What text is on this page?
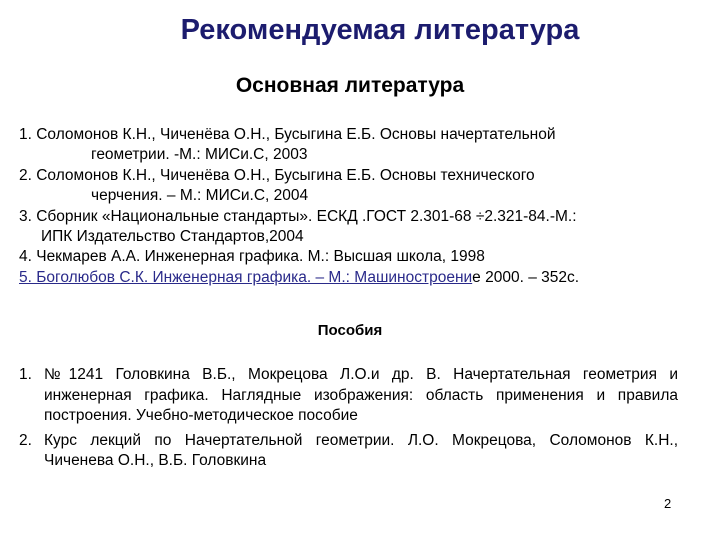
Рекомендуемая литература
Основная литература
1. Соломонов К.Н., Чиченёва О.Н., Бусыгина Е.Б. Основы начертательной
геометрии. -М.: МИСи.С, 2003
2. Соломонов К.Н., Чиченёва О.Н., Бусыгина Е.Б. Основы технического
черчения. – М.: МИСи.С, 2004
3. Сборник «Национальные стандарты». ЕСКД .ГОСТ 2.301-68 ÷2.321-84.-М.:
ИПК Издательство Стандартов,2004
4. Чекмарев А.А. Инженерная графика. М.: Высшая школа, 1998
5. Боголюбов С.К. Инженерная графика. – М.: Машиностроение 2000. – 352с.
Пособия
1. №1241 Головкина В.Б., Мокрецова Л.О.и др. В. Начертательная геометрия и инженерная графика. Наглядные изображения: область применения и правила построения. Учебно-методическое пособие
2. Курс лекций по Начертательной геометрии. Л.О. Мокрецова, Соломонов К.Н., Чиченева О.Н., В.Б. Головкина
2
